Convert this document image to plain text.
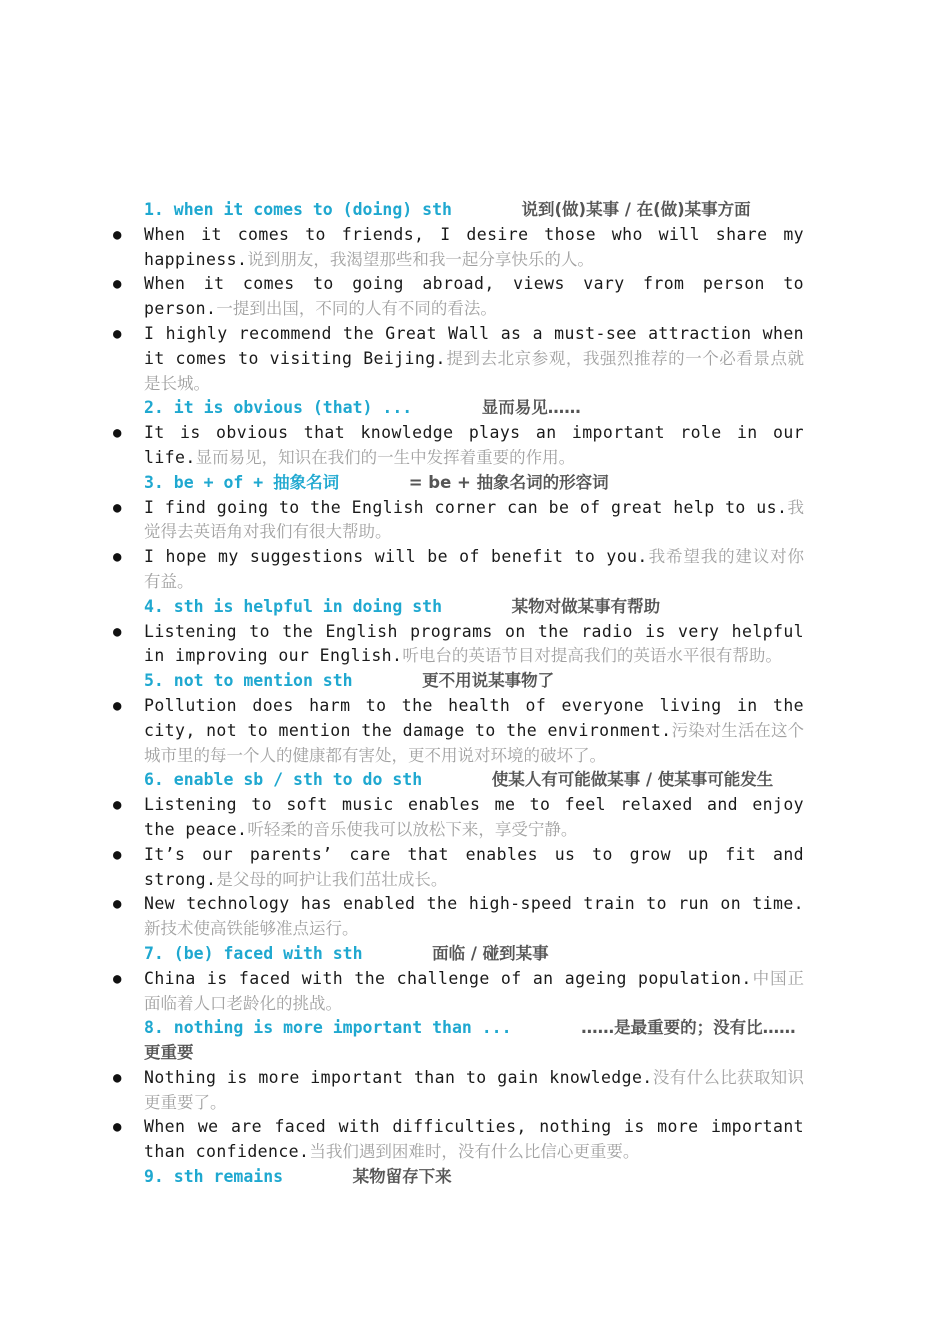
1. when it comes to (doing) sth	说到(做)某事 / 在(做)某事方面
● When it comes to friends, I desire those who will share my happiness.说到朋友，我渴望那些和我一起分享快乐的人。
● When it comes to going abroad, views vary from person to person.一提到出国，不同的人有不同的看法。
● I highly recommend the Great Wall as a must-see attraction when it comes to visiting Beijing.提到去北京参观，我强烈推荐的一个必看景点就是长城。
2. it is obvious (that) ...	显而易见……
● It is obvious that knowledge plays an important role in our life.显而易见，知识在我们的一生中发挥着重要的作用。
3. be + of + 抽象名词	= be + 抽象名词的形容词
● I find going to the English corner can be of great help to us.我觉得去英语角对我们有很大帮助。
● I hope my suggestions will be of benefit to you.我希望我的建议对你有益。
4. sth is helpful in doing sth	某物对做某事有帮助
● Listening to the English programs on the radio is very helpful in improving our English.听电台的英语节目对提高我们的英语水平很有帮助。
5. not to mention sth	更不用说某事物了
● Pollution does harm to the health of everyone living in the city, not to mention the damage to the environment.污染对生活在这个城市里的每一个人的健康都有害处，更不用说对环境的破坏了。
6. enable sb / sth to do sth	使某人有可能做某事 / 使某事可能发生
● Listening to soft music enables me to feel relaxed and enjoy the peace.听轻柔的音乐使我可以放松下来，享受宁静。
● It’s our parents’ care that enables us to grow up fit and strong.是父母的呵护让我们茁壮成长。
● New technology has enabled the high-speed train to run on time.新技术使高铁能够准点运行。
7. (be) faced with sth	面临 / 碰到某事
● China is faced with the challenge of an ageing population.中国正面临着人口老龄化的挑战。
8. nothing is more important than ...	……是最重要的；没有比……更重要
● Nothing is more important than to gain knowledge.没有什么比获取知识更重要了。
● When we are faced with difficulties, nothing is more important than confidence.当我们遇到困难时，没有什么比信心更重要。
9. sth remains	某物留存下来
